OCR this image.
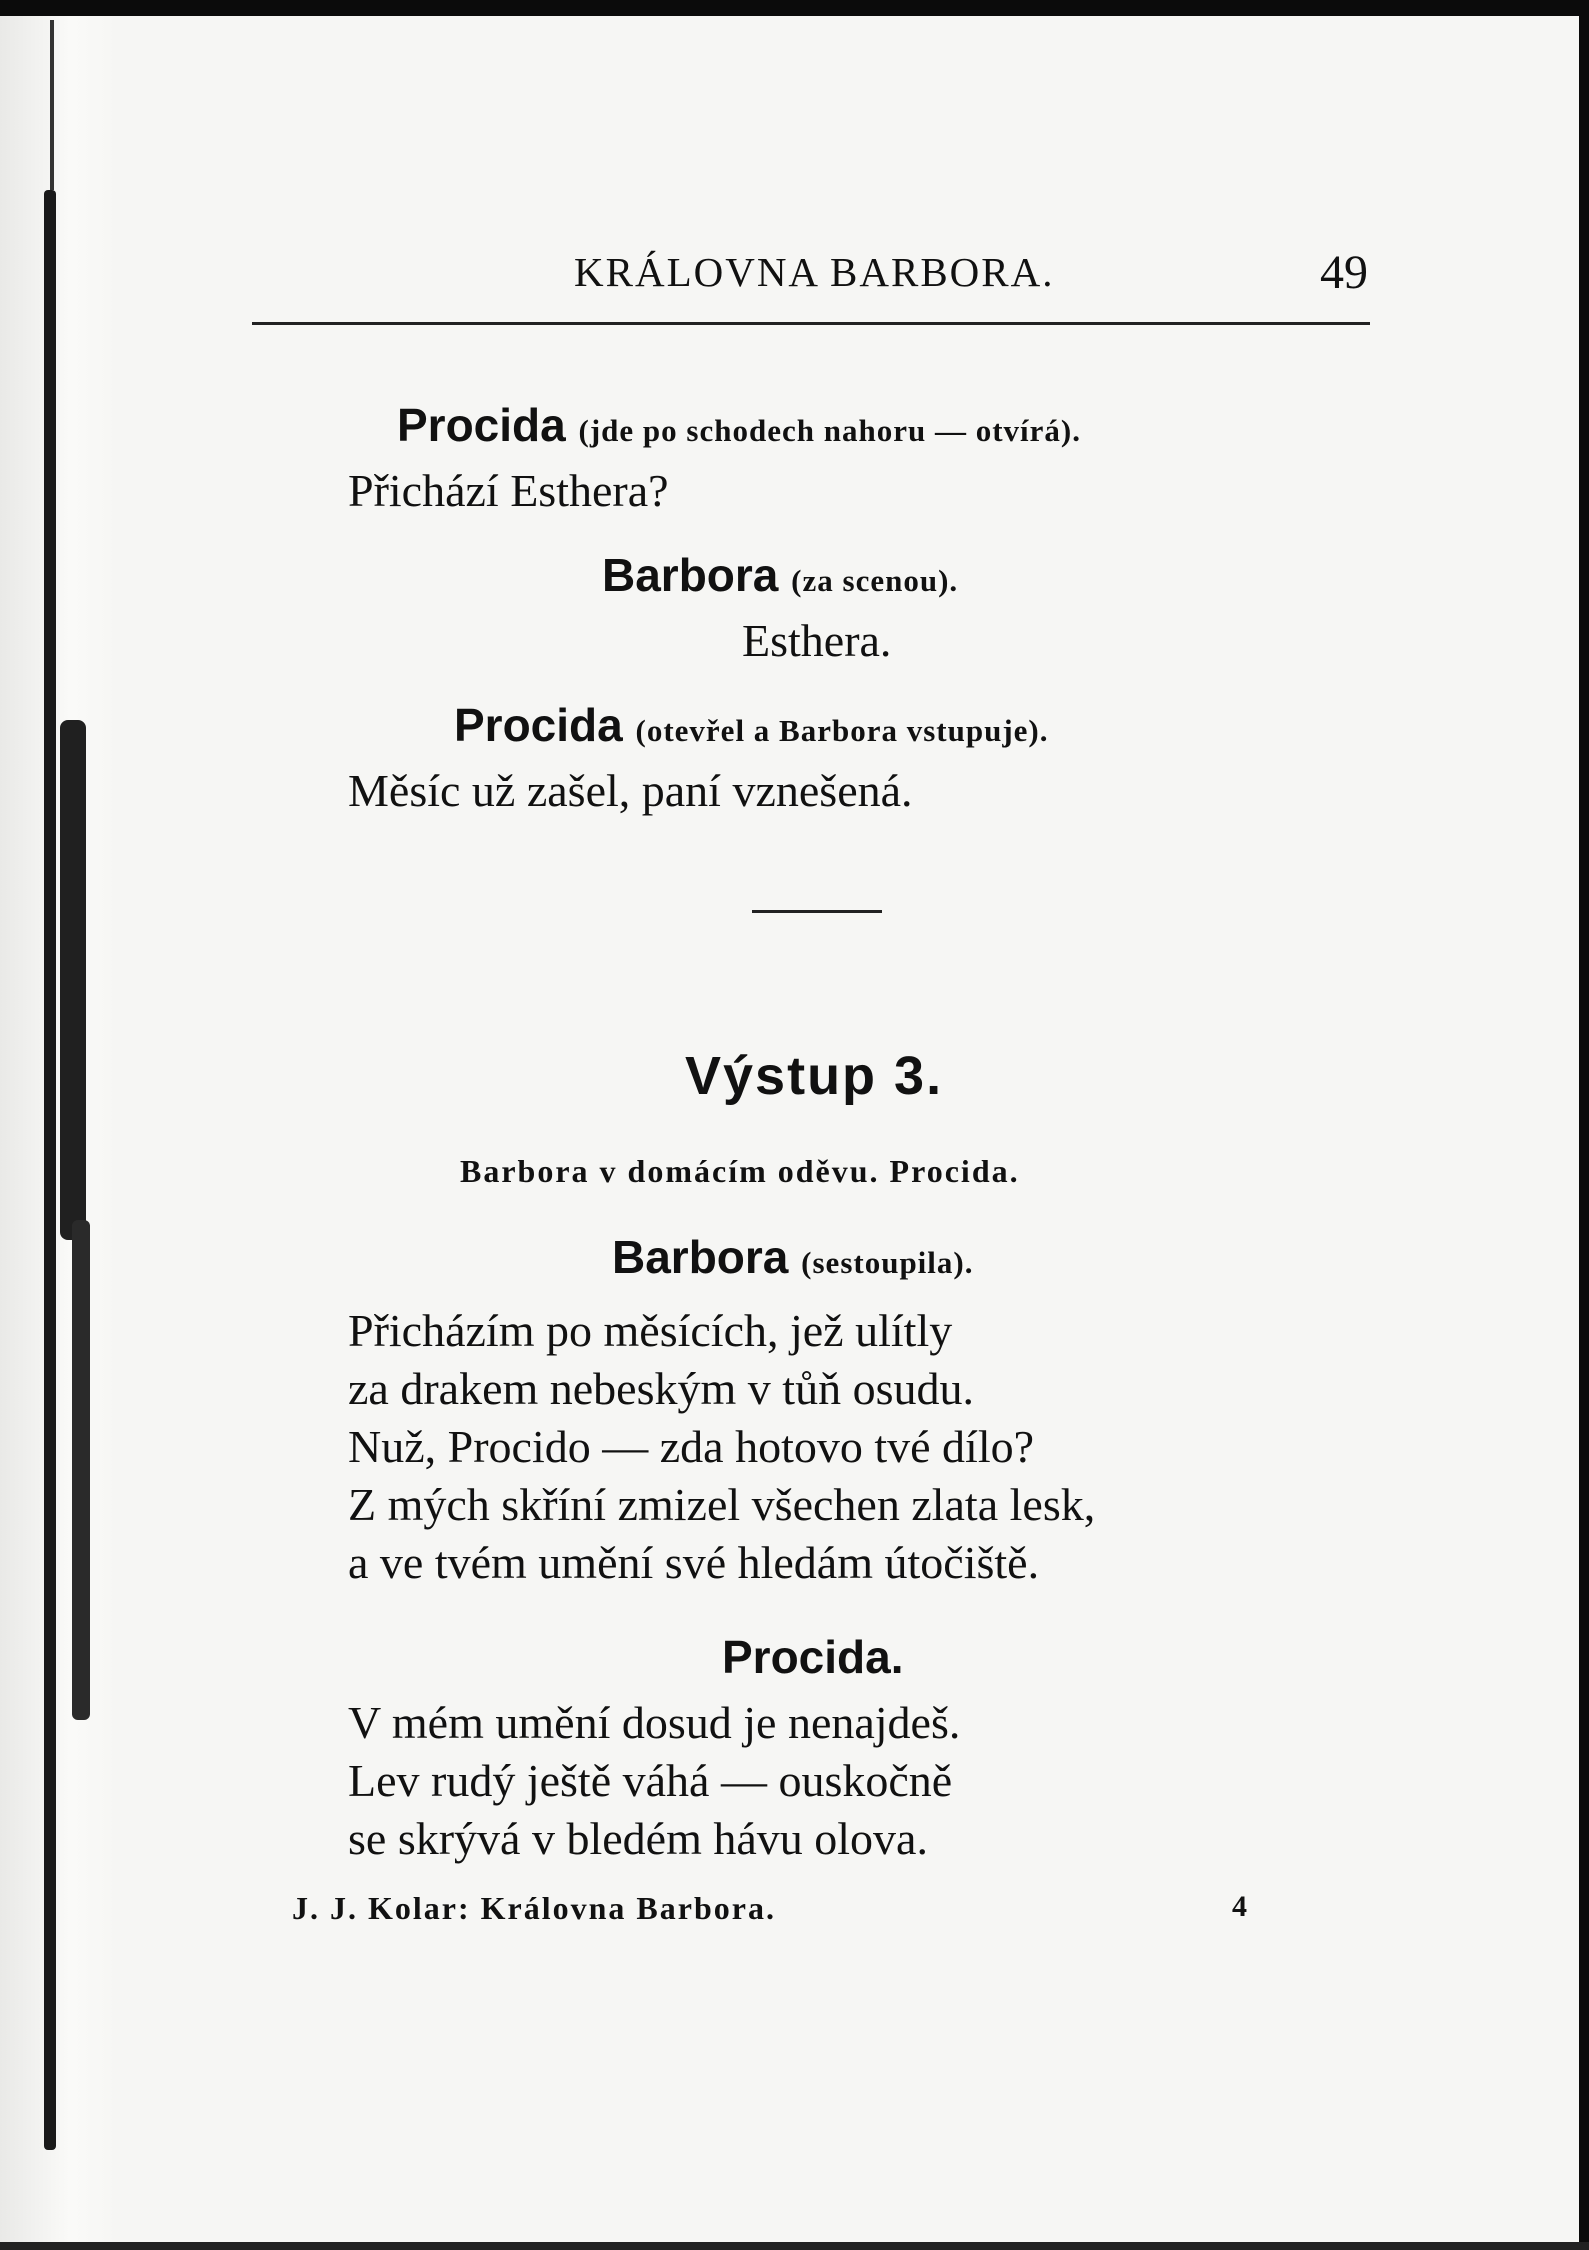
KRÁLOVNA BARBORA.	49
Procida (jde po schodech nahoru — otvírá).
Přichází Esthera?
Barbora (za scenou).
Esthera.
Procida (otevřel a Barbora vstupuje).
Měsíc už zašel, paní vznešená.
Výstup 3.
Barbora v domácím oděvu. Procida.
Barbora (sestoupila).
Přicházím po měsících, jež ulítly
za drakem nebeským v tůň osudu.
Nuž, Procido — zda hotovo tvé dílo?
Z mých skříní zmizel všechen zlata lesk,
a ve tvém umění své hledám útočiště.
Procida.
V mém umění dosud je nenajdeš.
Lev rudý ještě váhá — ouskočně
se skrývá v bledém hávu olova.
J. J. Kolar: Královna Barbora.	4
